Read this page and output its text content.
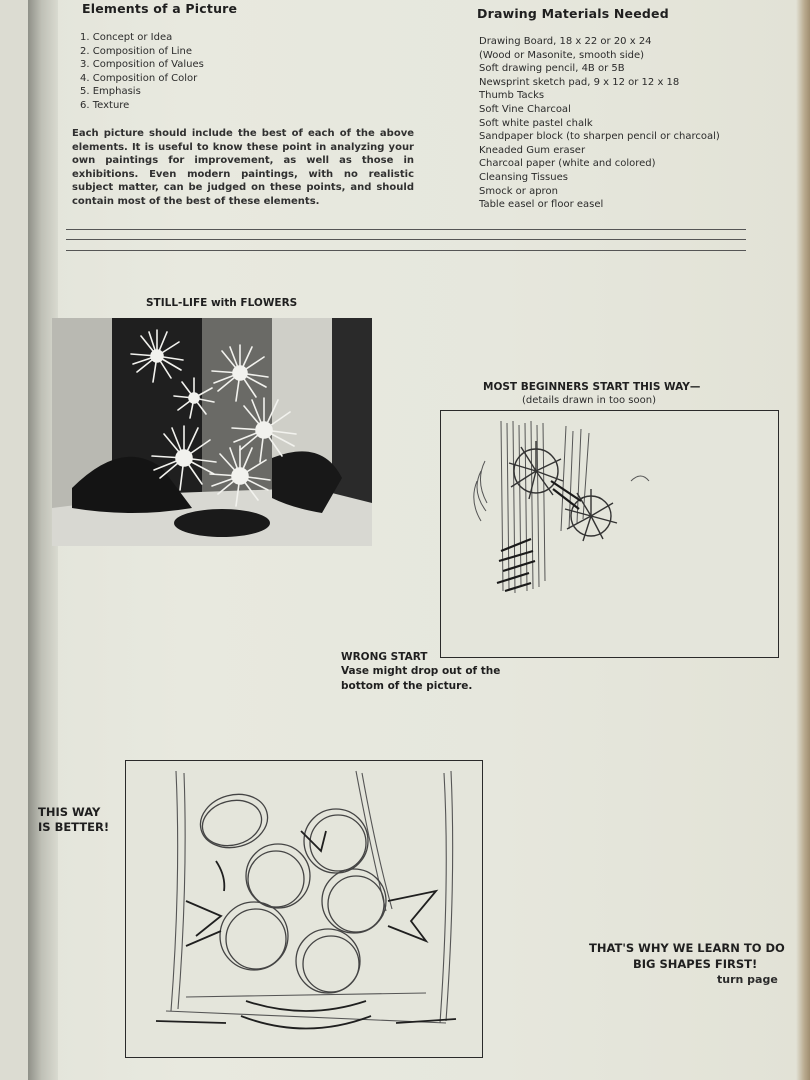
Elements of a Picture
1. Concept or Idea
2. Composition of Line
3. Composition of Values
4. Composition of Color
5. Emphasis
6. Texture
Each picture should include the best of each of the above elements. It is useful to know these point in analyzing your own paintings for improvement, as well as those in exhibitions. Even modern paintings, with no realistic subject matter, can be judged on these points, and should contain most of the best of these elements.
Drawing Materials Needed
Drawing Board, 18 x 22 or 20 x 24
(Wood or Masonite, smooth side)
Soft drawing pencil, 4B or 5B
Newsprint sketch pad, 9 x 12 or 12 x 18
Thumb Tacks
Soft Vine Charcoal
Soft white pastel chalk
Sandpaper block (to sharpen pencil or charcoal)
Kneaded Gum eraser
Charcoal paper (white and colored)
Cleansing Tissues
Smock or apron
Table easel or floor easel
STILL-LIFE with FLOWERS
MOST BEGINNERS START THIS WAY—
(details drawn in too soon)
WRONG START
Vase might drop out of the
bottom of the picture.
THIS WAY
IS BETTER!
THAT'S WHY WE LEARN TO DO
BIG SHAPES FIRST!
turn page
